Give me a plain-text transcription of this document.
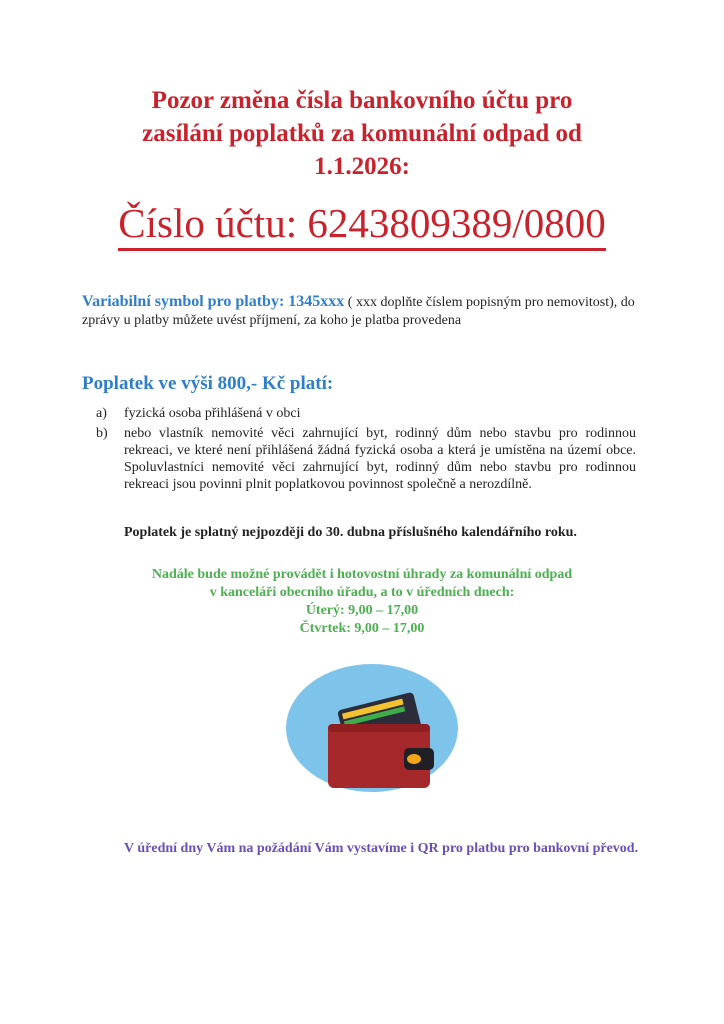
Pozor změna čísla bankovního účtu pro
zasílání poplatků za komunální odpad od
1.1.2026:
Číslo účtu: 6243809389/0800
Variabilní symbol pro platby: 1345xxx ( xxx doplňte číslem popisným pro nemovitost), do zprávy u platby můžete uvést příjmení, za koho je platba provedena
Poplatek ve výši 800,- Kč platí:
a)	fyzická osoba přihlášená v obci
b)	nebo vlastník nemovité věci zahrnující byt, rodinný dům nebo stavbu pro rodinnou rekreaci, ve které není přihlášená žádná fyzická osoba a která je umístěna na území obce. Spoluvlastníci nemovité věci zahrnující byt, rodinný dům nebo stavbu pro rodinnou rekreaci jsou povinni plnit poplatkovou povinnost společně a nerozdílně.
Poplatek je splatný nejpozději do 30. dubna příslušného kalendářního roku.
Nadále bude možné provádět i hotovostní úhrady za komunální odpad
v kanceláři obecního úřadu, a to v úředních dnech:
Úterý: 9,00 – 17,00
Čtvrtek: 9,00 – 17,00
V úřední dny Vám na požádání Vám vystavíme i QR pro platbu pro bankovní převod.
